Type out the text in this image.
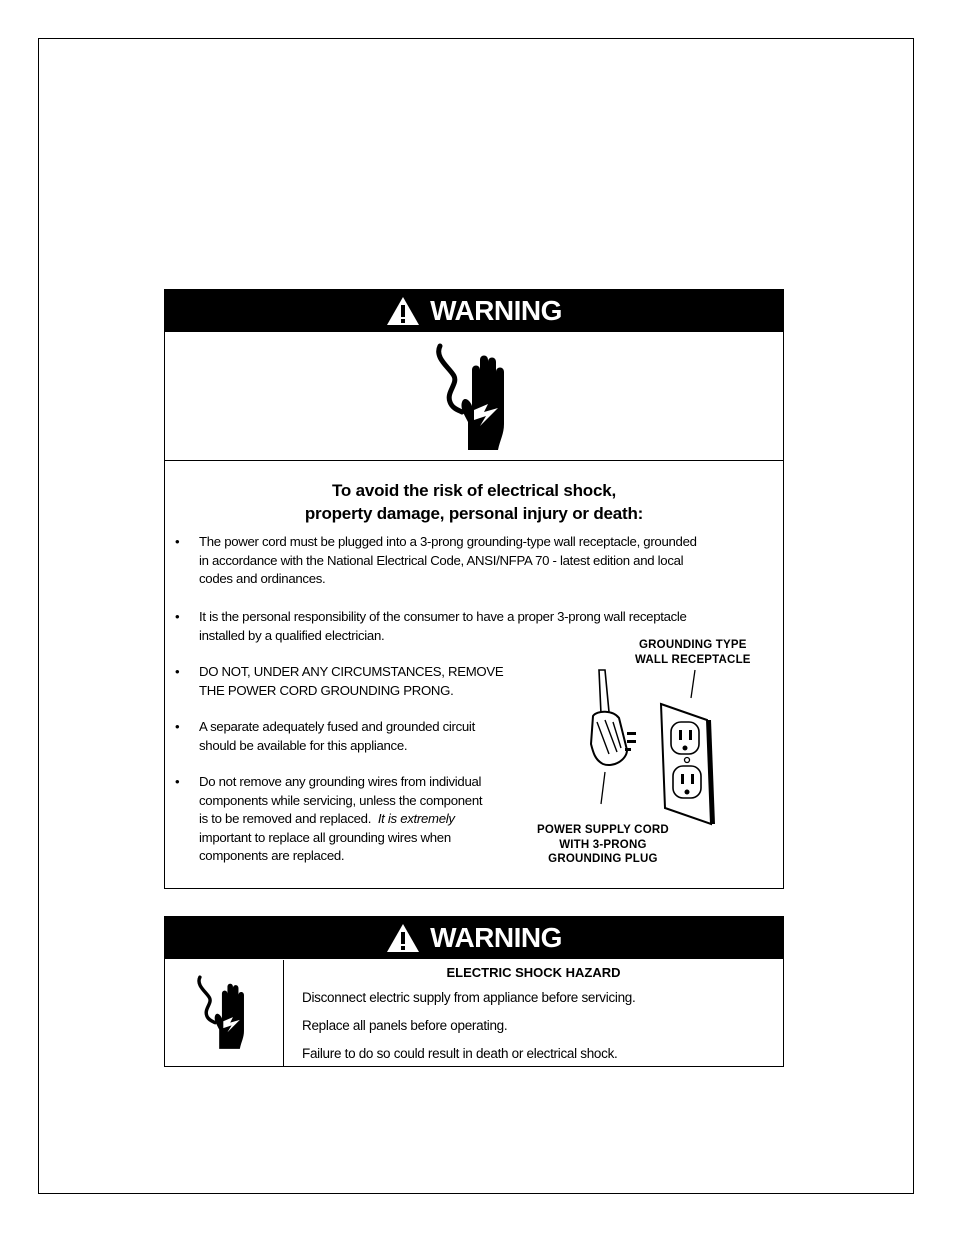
WARNING
To avoid the risk of electrical shock,
property damage, personal injury or death:
• The power cord must be plugged into a 3-prong grounding-type wall receptacle, grounded
in accordance with the National Electrical Code, ANSI/NFPA 70 - latest edition and local
codes and ordinances.
• It is the personal responsibility of the consumer to have a proper 3-prong wall receptacle
installed by a qualified electrician.
• DO NOT, UNDER ANY CIRCUMSTANCES, REMOVE
THE POWER CORD GROUNDING PRONG.
• A separate adequately fused and grounded circuit
should be available for this appliance.
• Do not remove any grounding wires from individual
components while servicing, unless the component
is to be removed and replaced. It is extremely
important to replace all grounding wires when
components are replaced.
GROUNDING TYPE
WALL RECEPTACLE
POWER SUPPLY CORD
WITH 3-PRONG
GROUNDING PLUG
WARNING
ELECTRIC SHOCK HAZARD
Disconnect electric supply from appliance before servicing.
Replace all panels before operating.
Failure to do so could result in death or electrical shock.
